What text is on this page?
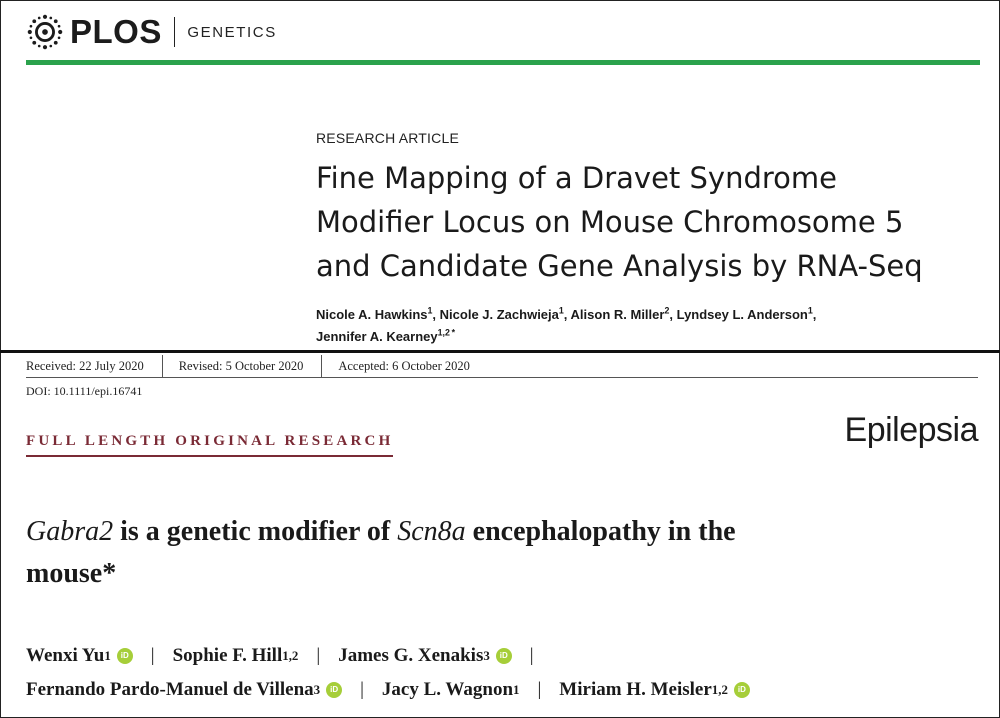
PLOS GENETICS
RESEARCH ARTICLE
Fine Mapping of a Dravet Syndrome
Modifier Locus on Mouse Chromosome 5
and Candidate Gene Analysis by RNA-Seq
Nicole A. Hawkins$^1$, Nicole J. Zachwieja$^1$, Alison R. Miller$^2$, Lyndsey L. Anderson$^1$,
Jennifer A. Kearney$^{1,2 *}$
Received: 22 July 2020	Revised: 5 October 2020	Accepted: 6 October 2020
DOI: 10.1111/epi.16741
FULL LENGTH ORIGINAL RESEARCH	Epilepsia
Gabra2 is a genetic modifier of Scn8a encephalopathy in the
mouse*
Wenxi Yu 1	iD | Sophie F. Hill 1,2 | James G. Xenakis 3	iD |
Fernando Pardo-Manuel de Villena 3	iD | Jacy L. Wagnon 1 | Miriam H. Meisler 1,2	iD
